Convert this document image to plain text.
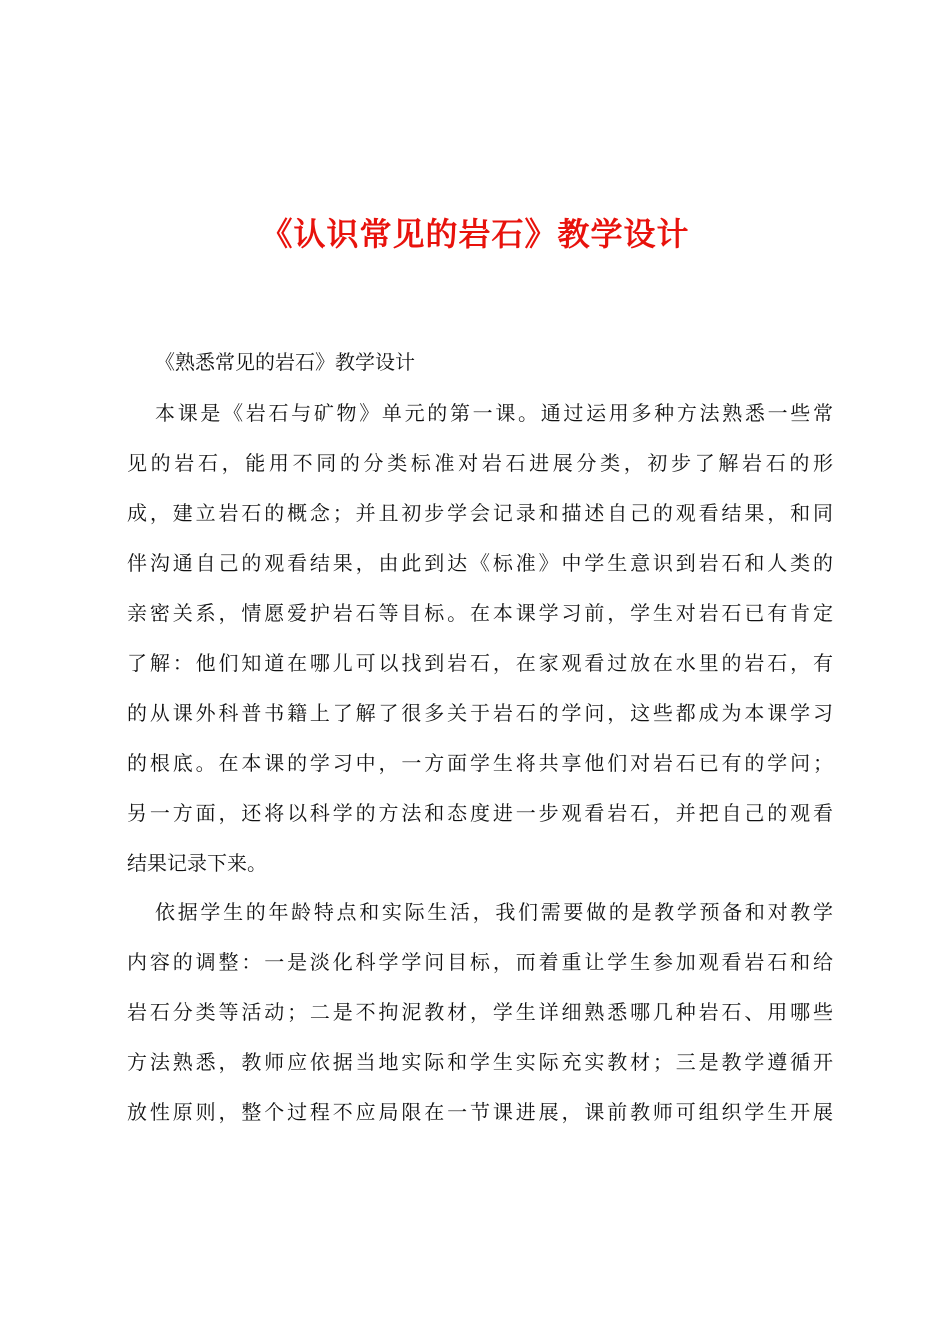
《认识常见的岩石》教学设计

《熟悉常见的岩石》教学设计

本课是《岩石与矿物》单元的第一课。通过运用多种方法熟悉一些常
见的岩石，能用不同的分类标准对岩石进展分类，初步了解岩石的形
成，建立岩石的概念；并且初步学会记录和描述自己的观看结果，和同
伴沟通自己的观看结果，由此到达《标准》中学生意识到岩石和人类的
亲密关系，情愿爱护岩石等目标。在本课学习前，学生对岩石已有肯定
了解：他们知道在哪儿可以找到岩石，在家观看过放在水里的岩石，有
的从课外科普书籍上了解了很多关于岩石的学问，这些都成为本课学习
的根底。在本课的学习中，一方面学生将共享他们对岩石已有的学问；
另一方面，还将以科学的方法和态度进一步观看岩石，并把自己的观看
结果记录下来。
依据学生的年龄特点和实际生活，我们需要做的是教学预备和对教学
内容的调整：一是淡化科学学问目标，而着重让学生参加观看岩石和给
岩石分类等活动；二是不拘泥教材，学生详细熟悉哪几种岩石、用哪些
方法熟悉，教师应依据当地实际和学生实际充实教材；三是教学遵循开
放性原则，整个过程不应局限在一节课进展，课前教师可组织学生开展
